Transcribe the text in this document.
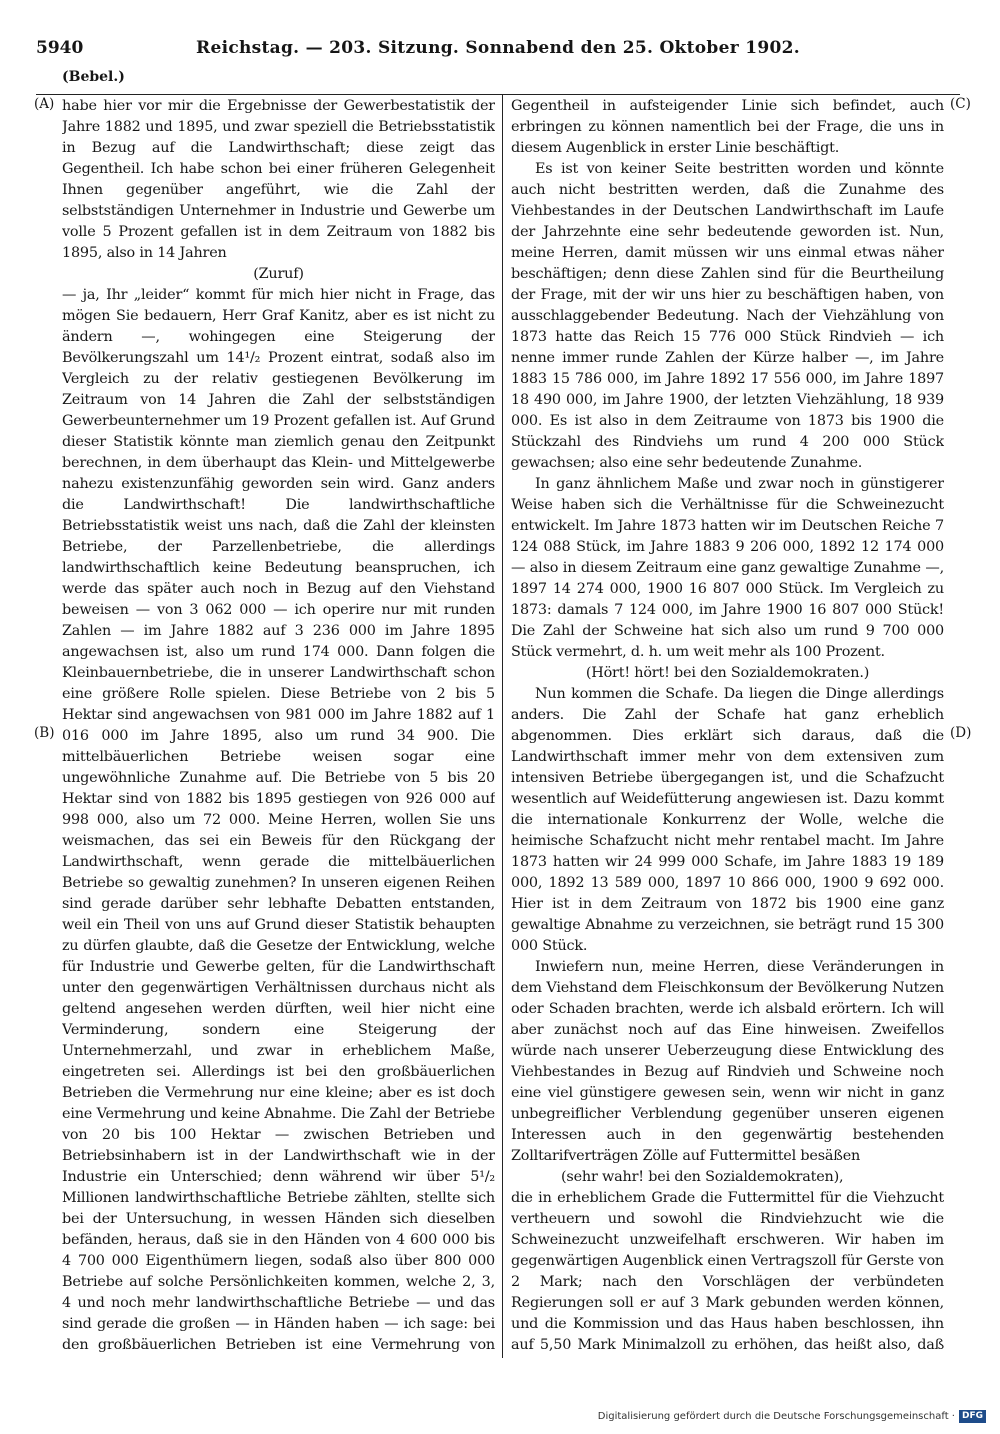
5940	Reichstag. — 203. Sitzung. Sonnabend den 25. Oktober 1902.
(Bebel.)
(A)
(B)
(C)
(D)

habe hier vor mir die Ergebnisse der Gewerbestatistik der Jahre 1882 und 1895, und zwar speziell die Betriebsstatistik in Bezug auf die Landwirthschaft; diese zeigt das Gegentheil. Ich habe schon bei einer früheren Gelegenheit Ihnen gegenüber angeführt, wie die Zahl der selbstständigen Unternehmer in Industrie und Gewerbe um volle 5 Prozent gefallen ist in dem Zeitraum von 1882 bis 1895, also in 14 Jahren

(Zuruf)

— ja, Ihr „leider“ kommt für mich hier nicht in Frage, das mögen Sie bedauern, Herr Graf Kanitz, aber es ist nicht zu ändern —, wohingegen eine Steigerung der Bevölkerungszahl um 14¹/₂ Prozent eintrat, sodaß also im Vergleich zu der relativ gestiegenen Bevölkerung im Zeitraum von 14 Jahren die Zahl der selbstständigen Gewerbeunternehmer um 19 Prozent gefallen ist. Auf Grund dieser Statistik könnte man ziemlich genau den Zeitpunkt berechnen, in dem überhaupt das Klein- und Mittelgewerbe nahezu existenzunfähig geworden sein wird. Ganz anders die Landwirthschaft! Die landwirthschaftliche Betriebsstatistik weist uns nach, daß die Zahl der kleinsten Betriebe, der Parzellenbetriebe, die allerdings landwirthschaftlich keine Bedeutung beanspruchen, ich werde das später auch noch in Bezug auf den Viehstand beweisen — von 3 062 000 — ich operire nur mit runden Zahlen — im Jahre 1882 auf 3 236 000 im Jahre 1895 angewachsen ist, also um rund 174 000. Dann folgen die Kleinbauernbetriebe, die in unserer Landwirthschaft schon eine größere Rolle spielen. Diese Betriebe von 2 bis 5 Hektar sind angewachsen von 981 000 im Jahre 1882 auf 1 016 000 im Jahre 1895, also um rund 34 900. Die mittelbäuerlichen Betriebe weisen sogar eine ungewöhnliche Zunahme auf. Die Betriebe von 5 bis 20 Hektar sind von 1882 bis 1895 gestiegen von 926 000 auf 998 000, also um 72 000. Meine Herren, wollen Sie uns weismachen, das sei ein Beweis für den Rückgang der Landwirthschaft, wenn gerade die mittelbäuerlichen Betriebe so gewaltig zunehmen? In unseren eigenen Reihen sind gerade darüber sehr lebhafte Debatten entstanden, weil ein Theil von uns auf Grund dieser Statistik behaupten zu dürfen glaubte, daß die Gesetze der Entwicklung, welche für Industrie und Gewerbe gelten, für die Landwirthschaft unter den gegenwärtigen Verhältnissen durchaus nicht als geltend angesehen werden dürften, weil hier nicht eine Verminderung, sondern eine Steigerung der Unternehmerzahl, und zwar in erheblichem Maße, eingetreten sei. Allerdings ist bei den großbäuerlichen Betrieben die Vermehrung nur eine kleine; aber es ist doch eine Vermehrung und keine Abnahme. Die Zahl der Betriebe von 20 bis 100 Hektar — zwischen Betrieben und Betriebsinhabern ist in der Landwirthschaft wie in der Industrie ein Unterschied; denn während wir über 5¹/₂ Millionen landwirthschaftliche Betriebe zählten, stellte sich bei der Untersuchung, in wessen Händen sich dieselben befänden, heraus, daß sie in den Händen von 4 600 000 bis 4 700 000 Eigenthümern liegen, sodaß also über 800 000 Betriebe auf solche Persönlichkeiten kommen, welche 2, 3, 4 und noch mehr landwirthschaftliche Betriebe — und das sind gerade die großen — in Händen haben — ich sage: bei den großbäuerlichen Betrieben ist eine Vermehrung von

Gegentheil in aufsteigender Linie sich befindet, auch erbringen zu können namentlich bei der Frage, die uns in diesem Augenblick in erster Linie beschäftigt.

Es ist von keiner Seite bestritten worden und könnte auch nicht bestritten werden, daß die Zunahme des Viehbestandes in der Deutschen Landwirthschaft im Laufe der Jahrzehnte eine sehr bedeutende geworden ist. Nun, meine Herren, damit müssen wir uns einmal etwas näher beschäftigen; denn diese Zahlen sind für die Beurtheilung der Frage, mit der wir uns hier zu beschäftigen haben, von ausschlaggebender Bedeutung. Nach der Viehzählung von 1873 hatte das Reich 15 776 000 Stück Rindvieh — ich nenne immer runde Zahlen der Kürze halber —, im Jahre 1883 15 786 000, im Jahre 1892 17 556 000, im Jahre 1897 18 490 000, im Jahre 1900, der letzten Viehzählung, 18 939 000. Es ist also in dem Zeitraume von 1873 bis 1900 die Stückzahl des Rindviehs um rund 4 200 000 Stück gewachsen; also eine sehr bedeutende Zunahme.

In ganz ähnlichem Maße und zwar noch in günstigerer Weise haben sich die Verhältnisse für die Schweinezucht entwickelt. Im Jahre 1873 hatten wir im Deutschen Reiche 7 124 088 Stück, im Jahre 1883 9 206 000, 1892 12 174 000 — also in diesem Zeitraum eine ganz gewaltige Zunahme —, 1897 14 274 000, 1900 16 807 000 Stück. Im Vergleich zu 1873: damals 7 124 000, im Jahre 1900 16 807 000 Stück! Die Zahl der Schweine hat sich also um rund 9 700 000 Stück vermehrt, d. h. um weit mehr als 100 Prozent.

(Hört! hört! bei den Sozialdemokraten.)

Nun kommen die Schafe. Da liegen die Dinge allerdings anders. Die Zahl der Schafe hat ganz erheblich abgenommen. Dies erklärt sich daraus, daß die Landwirthschaft immer mehr von dem extensiven zum intensiven Betriebe übergegangen ist, und die Schafzucht wesentlich auf Weidefütterung angewiesen ist. Dazu kommt die internationale Konkurrenz der Wolle, welche die heimische Schafzucht nicht mehr rentabel macht. Im Jahre 1873 hatten wir 24 999 000 Schafe, im Jahre 1883 19 189 000, 1892 13 589 000, 1897 10 866 000, 1900 9 692 000. Hier ist in dem Zeitraum von 1872 bis 1900 eine ganz gewaltige Abnahme zu verzeichnen, sie beträgt rund 15 300 000 Stück.

Inwiefern nun, meine Herren, diese Veränderungen in dem Viehstand dem Fleischkonsum der Bevölkerung Nutzen oder Schaden brachten, werde ich alsbald erörtern. Ich will aber zunächst noch auf das Eine hinweisen. Zweifellos würde nach unserer Ueberzeugung diese Entwicklung des Viehbestandes in Bezug auf Rindvieh und Schweine noch eine viel günstigere gewesen sein, wenn wir nicht in ganz unbegreiflicher Verblendung gegenüber unseren eigenen Interessen auch in den gegenwärtig bestehenden Zolltarifverträgen Zölle auf Futtermittel besäßen

(sehr wahr! bei den Sozialdemokraten),

die in erheblichem Grade die Futtermittel für die Viehzucht vertheuern und sowohl die Rindviehzucht wie die Schweinezucht unzweifelhaft erschweren. Wir haben im gegenwärtigen Augenblick einen Vertragszoll für Gerste von 2 Mark; nach den Vorschlägen der verbündeten Regierungen soll er auf 3 Mark gebunden werden können, und die Kommission und das Haus haben beschlossen, ihn auf 5,50 Mark Minimalzoll zu erhöhen, das heißt also, daß

Digitalisierung gefördert durch die Deutsche Forschungsgemeinschaft · DFG
